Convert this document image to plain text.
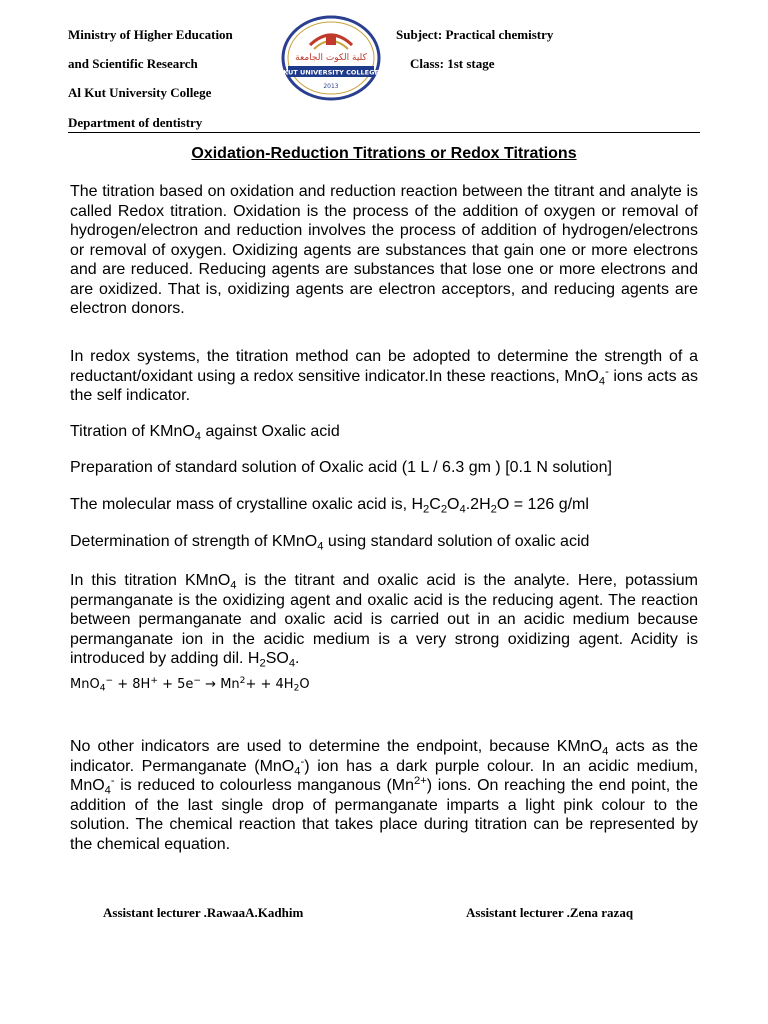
Ministry of Higher Education
and Scientific Research
Al Kut University College
Department of dentistry
Subject: Practical chemistry
Class: 1st stage
كلية الكوت الجامعة
KUT UNIVERSITY COLLEGE
2013
Oxidation-Reduction Titrations or Redox Titrations
The titration based on oxidation and reduction reaction between the titrant and analyte is called Redox titration. Oxidation is the process of the addition of oxygen or removal of hydrogen/electron and reduction involves the process of addition of hydrogen/electrons or removal of oxygen. Oxidizing agents are substances that gain one or more electrons and are reduced. Reducing agents are substances that lose one or more electrons and are oxidized. That is, oxidizing agents are electron acceptors, and reducing agents are electron donors.
In redox systems, the titration method can be adopted to determine the strength of a reductant/oxidant using a redox sensitive indicator.In these reactions, MnO$_4$- ions acts as the self indicator.
Titration of KMnO$_4$ against Oxalic acid
Preparation of standard solution of Oxalic acid (1 L / 6.3 gm ) [0.1 N solution]
The molecular mass of crystalline oxalic acid is, $H_2C_2O_4.2H_2O = 126$ g/ml
Determination of strength of KMnO$_4$ using standard solution of oxalic acid
In this titration KMnO$_4$ is the titrant and oxalic acid is the analyte. Here, potassium permanganate is the oxidizing agent and oxalic acid is the reducing agent. The reaction between permanganate and oxalic acid is carried out in an acidic medium because permanganate ion in the acidic medium is a very strong oxidizing agent. Acidity is introduced by adding dil. $H_2SO_4$.
$MnO_4^- + 8H^+ + 5e^- \to Mn^2+ + 4H_2O$
No other indicators are used to determine the endpoint, because KMnO$_4$ acts as the indicator. Permanganate (MnO$_4$-) ion has a dark purple colour. In an acidic medium, MnO$_4$- is reduced to colourless manganous $(Mn^{2+})$ ions. On reaching the end point, the addition of the last single drop of permanganate imparts a light pink colour to the solution. The chemical reaction that takes place during titration can be represented by the chemical equation.
Assistant lecturer .RawaaA.Kadhim	Assistant lecturer .Zena razaq
